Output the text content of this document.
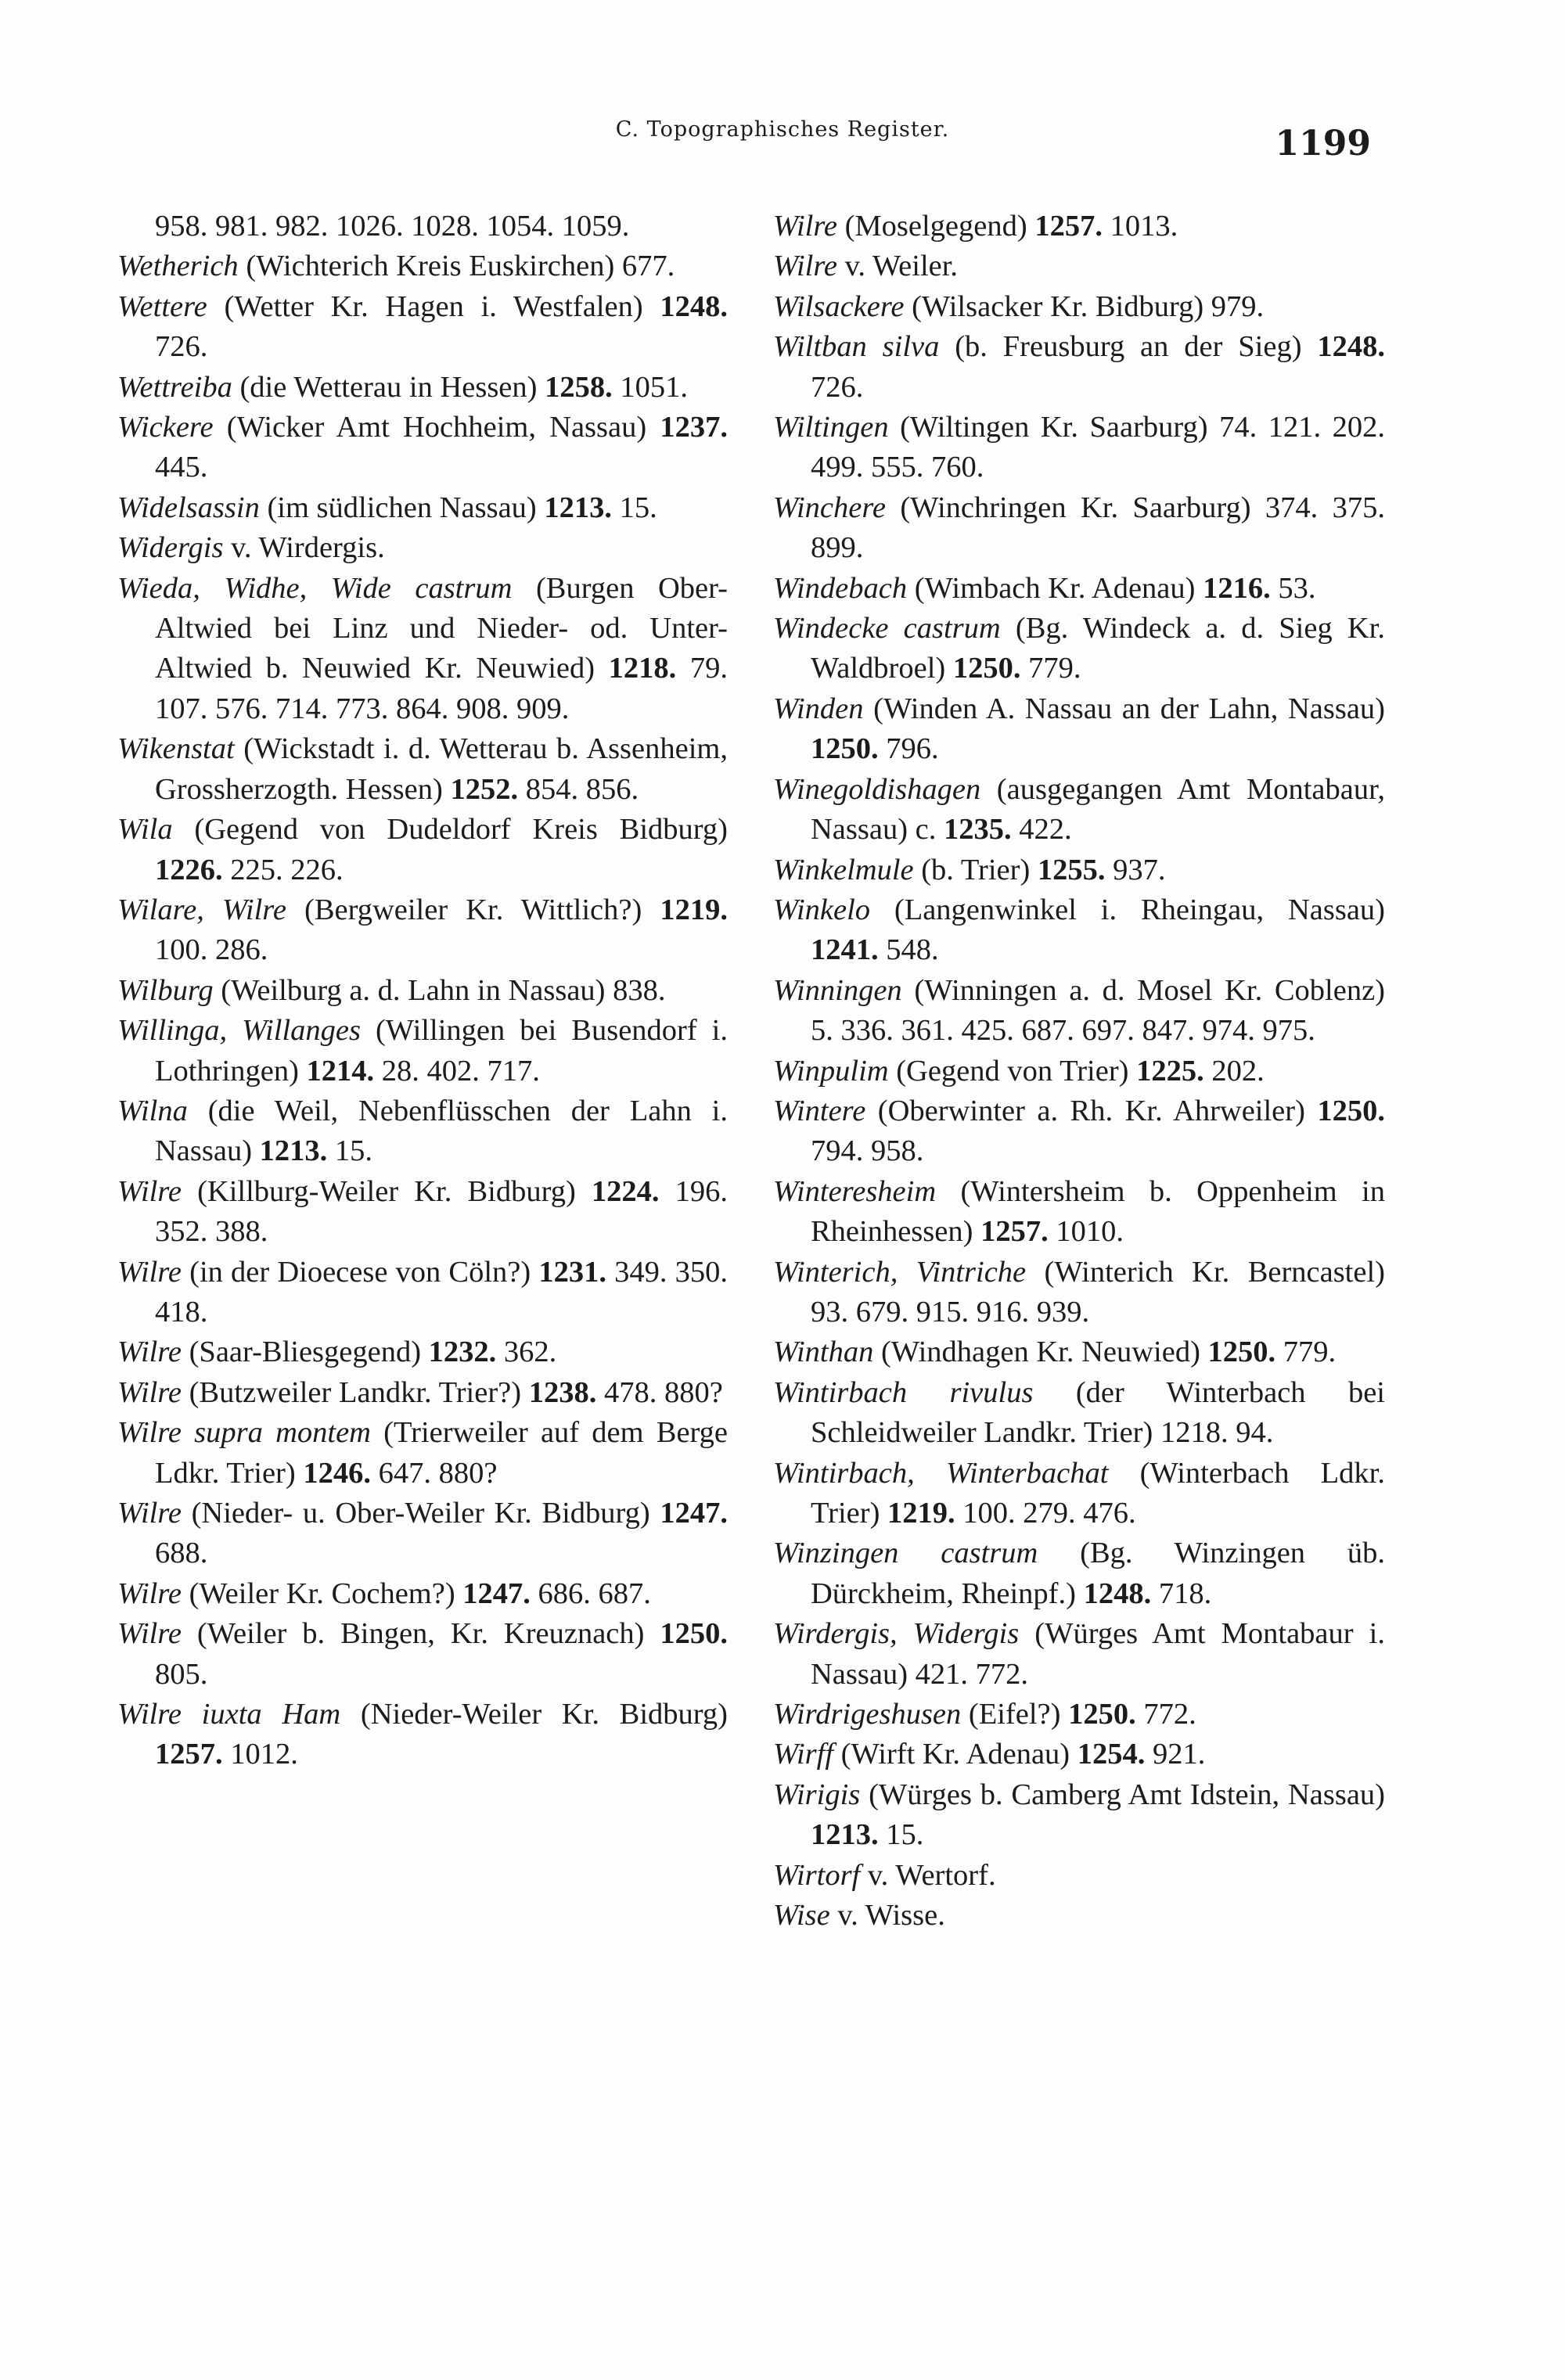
C. Topographisches Register.	1199
958. 981. 982. 1026. 1028. 1054. 1059.
Wetherich (Wichterich Kreis Euskirchen) 677.
Wettere (Wetter Kr. Hagen i. Westfalen) 1248. 726.
Wettreiba (die Wetterau in Hessen) 1258. 1051.
Wickere (Wicker Amt Hochheim, Nassau) 1237. 445.
Widelsassin (im südlichen Nassau) 1213. 15.
Widergis v. Wirdergis.
Wieda, Widhe, Wide castrum (Burgen Ober-Altwied bei Linz und Nieder- od. Unter-Altwied b. Neuwied Kr. Neuwied) 1218. 79. 107. 576. 714. 773. 864. 908. 909.
Wikenstat (Wickstadt i. d. Wetterau b. Assenheim, Grossherzogth. Hessen) 1252. 854. 856.
Wila (Gegend von Dudeldorf Kreis Bidburg) 1226. 225. 226.
Wilare, Wilre (Bergweiler Kr. Wittlich?) 1219. 100. 286.
Wilburg (Weilburg a. d. Lahn in Nassau) 838.
Willinga, Willanges (Willingen bei Busendorf i. Lothringen) 1214. 28. 402. 717.
Wilna (die Weil, Nebenflüsschen der Lahn i. Nassau) 1213. 15.
Wilre (Killburg-Weiler Kr. Bidburg) 1224. 196. 352. 388.
Wilre (in der Dioecese von Cöln?) 1231. 349. 350. 418.
Wilre (Saar-Bliesgegend) 1232. 362.
Wilre (Butzweiler Landkr. Trier?) 1238. 478. 880?
Wilre supra montem (Trierweiler auf dem Berge Ldkr. Trier) 1246. 647. 880?
Wilre (Nieder- u. Ober-Weiler Kr. Bidburg) 1247. 688.
Wilre (Weiler Kr. Cochem?) 1247. 686. 687.
Wilre (Weiler b. Bingen, Kr. Kreuznach) 1250. 805.
Wilre iuxta Ham (Nieder-Weiler Kr. Bidburg) 1257. 1012.
Wilre (Moselgegend) 1257. 1013.
Wilre v. Weiler.
Wilsackere (Wilsacker Kr. Bidburg) 979.
Wiltban silva (b. Freusburg an der Sieg) 1248. 726.
Wiltingen (Wiltingen Kr. Saarburg) 74. 121. 202. 499. 555. 760.
Winchere (Winchringen Kr. Saarburg) 374. 375. 899.
Windebach (Wimbach Kr. Adenau) 1216. 53.
Windecke castrum (Bg. Windeck a. d. Sieg Kr. Waldbroel) 1250. 779.
Winden (Winden A. Nassau an der Lahn, Nassau) 1250. 796.
Winegoldishagen (ausgegangen Amt Montabaur, Nassau) c. 1235. 422.
Winkelmule (b. Trier) 1255. 937.
Winkelo (Langenwinkel i. Rheingau, Nassau) 1241. 548.
Winningen (Winningen a. d. Mosel Kr. Coblenz) 5. 336. 361. 425. 687. 697. 847. 974. 975.
Winpulim (Gegend von Trier) 1225. 202.
Wintere (Oberwinter a. Rh. Kr. Ahrweiler) 1250. 794. 958.
Winteresheim (Wintersheim b. Oppenheim in Rheinhessen) 1257. 1010.
Winterich, Vintriche (Winterich Kr. Berncastel) 93. 679. 915. 916. 939.
Winthan (Windhagen Kr. Neuwied) 1250. 779.
Wintirbach rivulus (der Winterbach bei Schleidweiler Landkr. Trier) 1218. 94.
Wintirbach, Winterbachat (Winterbach Ldkr. Trier) 1219. 100. 279. 476.
Winzingen castrum (Bg. Winzingen üb. Dürckheim, Rheinpf.) 1248. 718.
Wirdergis, Widergis (Würges Amt Montabaur i. Nassau) 421. 772.
Wirdrigeshusen (Eifel?) 1250. 772.
Wirff (Wirft Kr. Adenau) 1254. 921.
Wirigis (Würges b. Camberg Amt Idstein, Nassau) 1213. 15.
Wirtorf v. Wertorf.
Wise v. Wisse.
